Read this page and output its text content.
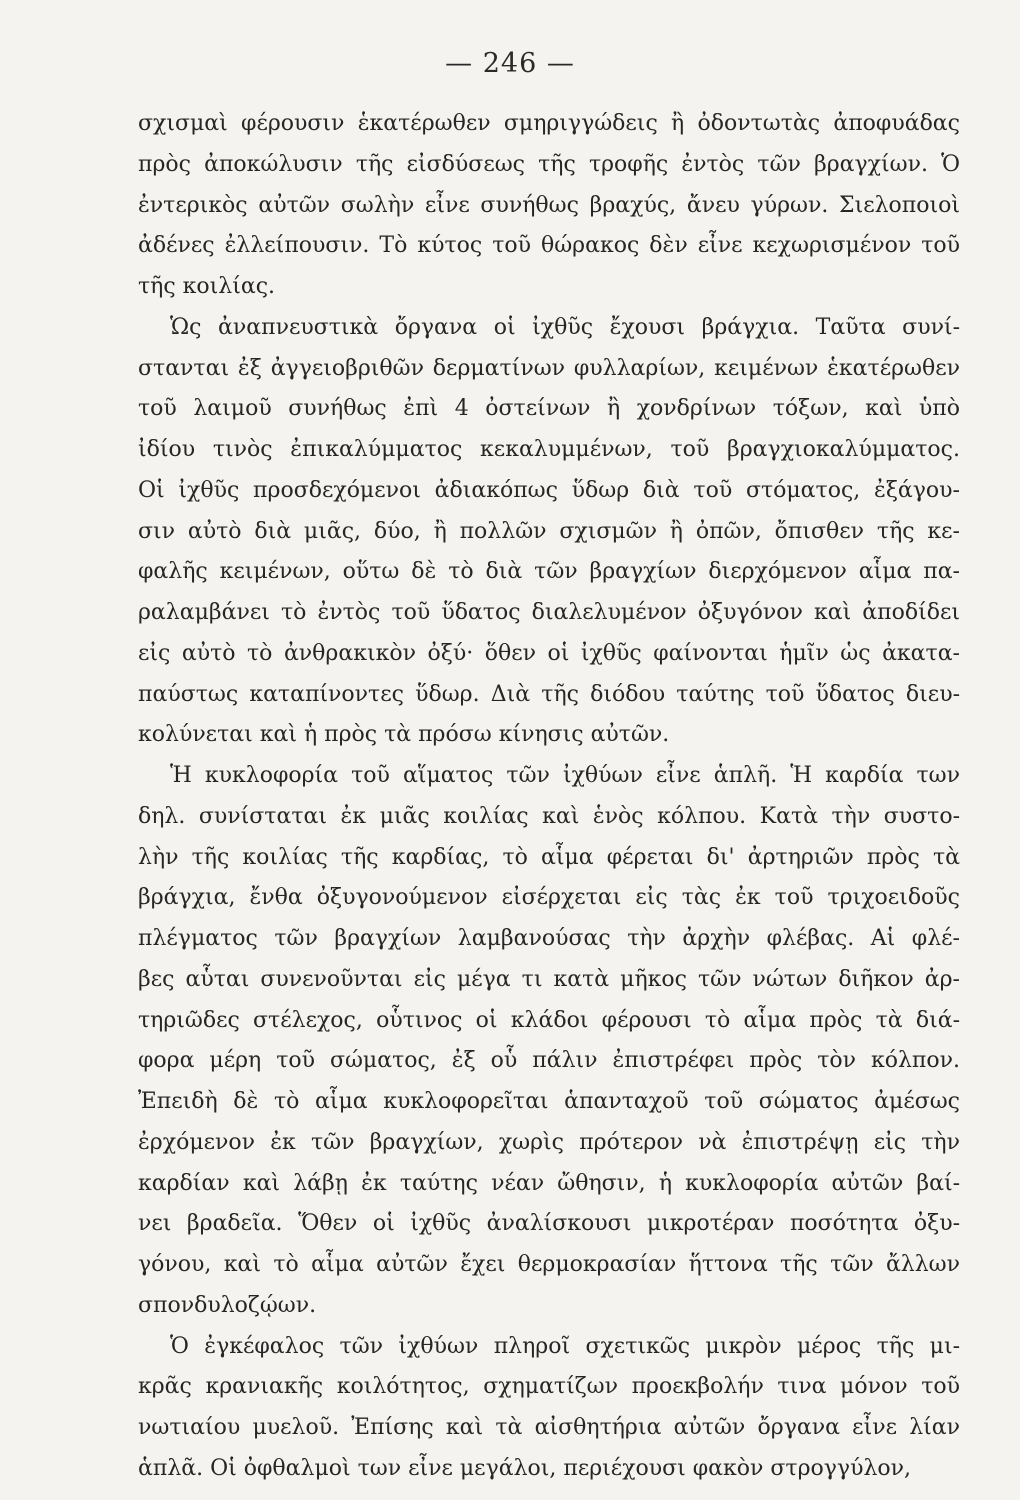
— 246 —
σχισμαὶ φέρουσιν ἑκατέρωθεν σμηριγγώδεις ἢ ὀδοντωτὰς ἀποφυάδας
πρὸς ἀποκώλυσιν τῆς εἰσδύσεως τῆς τροφῆς ἐντὸς τῶν βραγχίων. Ὁ
ἐντερικὸς αὐτῶν σωλὴν εἶνε συνήθως βραχύς, ἄνευ γύρων. Σιελοποιοὶ
ἀδένες ἐλλείπουσιν. Τὸ κύτος τοῦ θώρακος δὲν εἶνε κεχωρισμένον τοῦ
τῆς κοιλίας.
Ὡς ἀναπνευστικὰ ὄργανα οἱ ἰχθῦς ἔχουσι βράγχια. Ταῦτα συνί-
στανται ἐξ ἀγγειοβριθῶν δερματίνων φυλλαρίων, κειμένων ἑκατέρωθεν
τοῦ λαιμοῦ συνήθως ἐπὶ 4 ὀστείνων ἢ χονδρίνων τόξων, καὶ ὑπὸ
ἰδίου τινὸς ἐπικαλύμματος κεκαλυμμένων, τοῦ βραγχιοκαλύμματος.
Οἱ ἰχθῦς προσδεχόμενοι ἀδιακόπως ὕδωρ διὰ τοῦ στόματος, ἐξάγου-
σιν αὐτὸ διὰ μιᾶς, δύο, ἢ πολλῶν σχισμῶν ἢ ὀπῶν, ὄπισθεν τῆς κε-
φαλῆς κειμένων, οὕτω δὲ τὸ διὰ τῶν βραγχίων διερχόμενον αἷμα πα-
ραλαμβάνει τὸ ἐντὸς τοῦ ὕδατος διαλελυμένον ὀξυγόνον καὶ ἀποδίδει
εἰς αὐτὸ τὸ ἀνθρακικὸν ὀξύ· ὅθεν οἱ ἰχθῦς φαίνονται ἡμῖν ὡς ἀκατα-
παύστως καταπίνοντες ὕδωρ. Διὰ τῆς διόδου ταύτης τοῦ ὕδατος διευ-
κολύνεται καὶ ἡ πρὸς τὰ πρόσω κίνησις αὐτῶν.
Ἡ κυκλοφορία τοῦ αἵματος τῶν ἰχθύων εἶνε ἁπλῆ. Ἡ καρδία των
δηλ. συνίσταται ἐκ μιᾶς κοιλίας καὶ ἑνὸς κόλπου. Κατὰ τὴν συστο-
λὴν τῆς κοιλίας τῆς καρδίας, τὸ αἷμα φέρεται δι' ἀρτηριῶν πρὸς τὰ
βράγχια, ἔνθα ὀξυγονούμενον εἰσέρχεται εἰς τὰς ἐκ τοῦ τριχοειδοῦς
πλέγματος τῶν βραγχίων λαμβανούσας τὴν ἀρχὴν φλέβας. Αἱ φλέ-
βες αὗται συνενοῦνται εἰς μέγα τι κατὰ μῆκος τῶν νώτων διῆκον ἀρ-
τηριῶδες στέλεχος, οὗτινος οἱ κλάδοι φέρουσι τὸ αἷμα πρὸς τὰ διά-
φορα μέρη τοῦ σώματος, ἐξ οὗ πάλιν ἐπιστρέφει πρὸς τὸν κόλπον.
Ἐπειδὴ δὲ τὸ αἷμα κυκλοφορεῖται ἁπανταχοῦ τοῦ σώματος ἀμέσως
ἐρχόμενον ἐκ τῶν βραγχίων, χωρὶς πρότερον νὰ ἐπιστρέψῃ εἰς τὴν
καρδίαν καὶ λάβῃ ἐκ ταύτης νέαν ὤθησιν, ἡ κυκλοφορία αὐτῶν βαί-
νει βραδεῖα. Ὅθεν οἱ ἰχθῦς ἀναλίσκουσι μικροτέραν ποσότητα ὀξυ-
γόνου, καὶ τὸ αἷμα αὐτῶν ἔχει θερμοκρασίαν ἥττονα τῆς τῶν ἄλλων
σπονδυλοζῴων.
Ὁ ἐγκέφαλος τῶν ἰχθύων πληροῖ σχετικῶς μικρὸν μέρος τῆς μι-
κρᾶς κρανιακῆς κοιλότητος, σχηματίζων προεκβολήν τινα μόνον τοῦ
νωτιαίου μυελοῦ. Ἐπίσης καὶ τὰ αἰσθητήρια αὐτῶν ὄργανα εἶνε λίαν
ἁπλᾶ. Οἱ ὀφθαλμοὶ των εἶνε μεγάλοι, περιέχουσι φακὸν στρογγύλον,
